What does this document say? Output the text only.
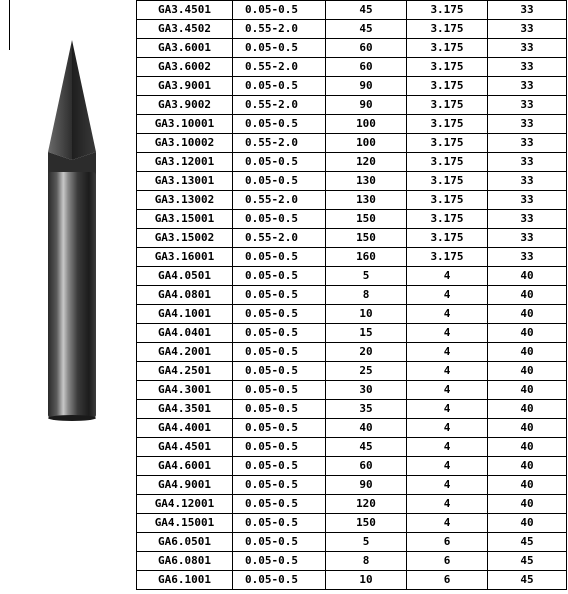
GA3.4501	0.05-0.5	45	3.175	33
GA3.4502	0.55-2.0	45	3.175	33
GA3.6001	0.05-0.5	60	3.175	33
GA3.6002	0.55-2.0	60	3.175	33
GA3.9001	0.05-0.5	90	3.175	33
GA3.9002	0.55-2.0	90	3.175	33
GA3.10001	0.05-0.5	100	3.175	33
GA3.10002	0.55-2.0	100	3.175	33
GA3.12001	0.05-0.5	120	3.175	33
GA3.13001	0.05-0.5	130	3.175	33
GA3.13002	0.55-2.0	130	3.175	33
GA3.15001	0.05-0.5	150	3.175	33
GA3.15002	0.55-2.0	150	3.175	33
GA3.16001	0.05-0.5	160	3.175	33
GA4.0501	0.05-0.5	5	4	40
GA4.0801	0.05-0.5	8	4	40
GA4.1001	0.05-0.5	10	4	40
GA4.0401	0.05-0.5	15	4	40
GA4.2001	0.05-0.5	20	4	40
GA4.2501	0.05-0.5	25	4	40
GA4.3001	0.05-0.5	30	4	40
GA4.3501	0.05-0.5	35	4	40
GA4.4001	0.05-0.5	40	4	40
GA4.4501	0.05-0.5	45	4	40
GA4.6001	0.05-0.5	60	4	40
GA4.9001	0.05-0.5	90	4	40
GA4.12001	0.05-0.5	120	4	40
GA4.15001	0.05-0.5	150	4	40
GA6.0501	0.05-0.5	5	6	45
GA6.0801	0.05-0.5	8	6	45
GA6.1001	0.05-0.5	10	6	45
